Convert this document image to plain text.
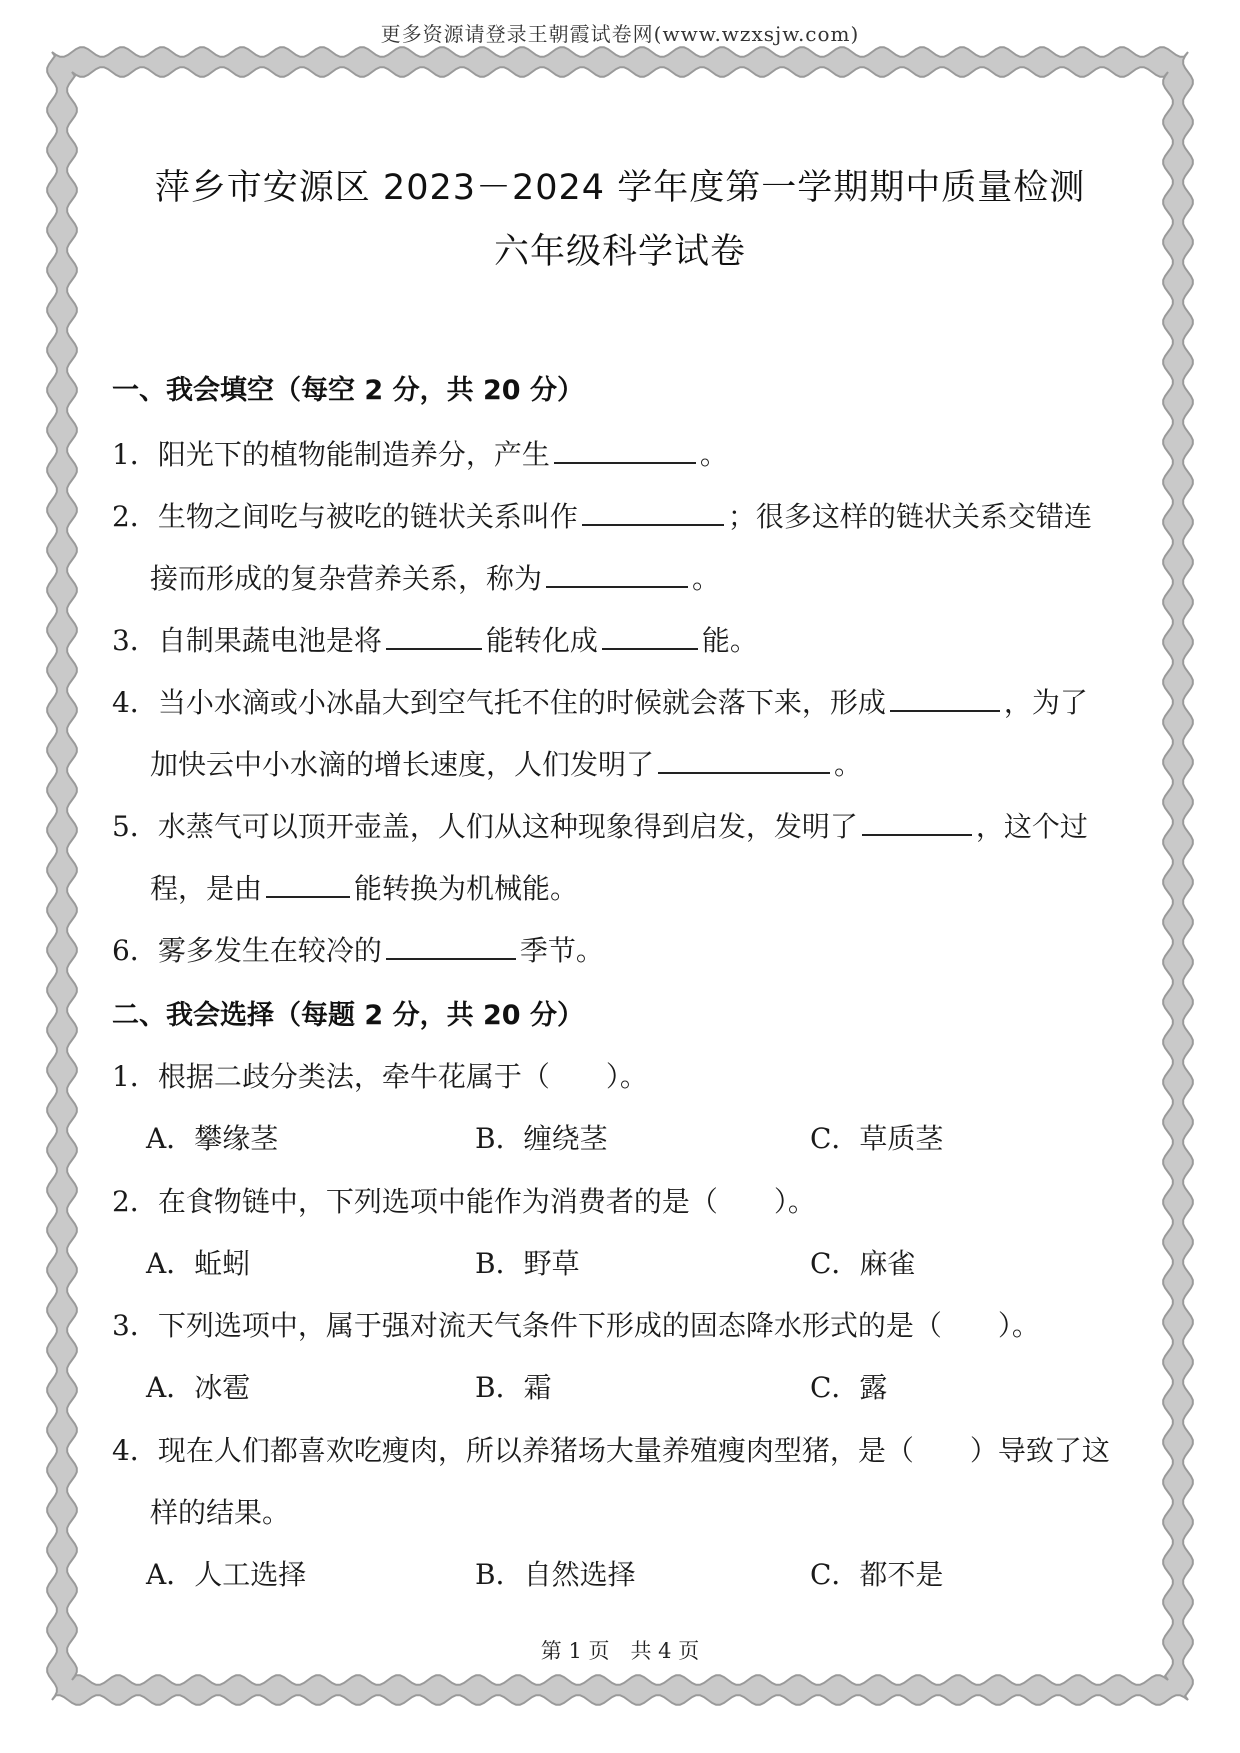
更多资源请登录王朝霞试卷网(www.wzxsjw.com)
萍乡市安源区 2023－2024 学年度第一学期期中质量检测
六年级科学试卷
一、我会填空（每空 2 分，共 20 分）
1．阳光下的植物能制造养分，产生	。
2．生物之间吃与被吃的链状关系叫作	；很多这样的链状关系交错连
接而形成的复杂营养关系，称为	。
3．自制果蔬电池是将	能转化成	能。
4．当小水滴或小冰晶大到空气托不住的时候就会落下来，形成	，为了
加快云中小水滴的增长速度，人们发明了	。
5．水蒸气可以顶开壶盖，人们从这种现象得到启发，发明了	，这个过
程，是由	能转换为机械能。
6．雾多发生在较冷的	季节。
二、我会选择（每题 2 分，共 20 分）
1．根据二歧分类法，牵牛花属于（　　）。
A．攀缘茎	B．缠绕茎	C．草质茎
2．在食物链中，下列选项中能作为消费者的是（　　）。
A．蚯蚓	B．野草	C．麻雀
3．下列选项中，属于强对流天气条件下形成的固态降水形式的是（　　）。
A．冰雹	B．霜	C．露
4．现在人们都喜欢吃瘦肉，所以养猪场大量养殖瘦肉型猪，是（　　）导致了这
样的结果。
A．人工选择	B．自然选择	C．都不是
第 1 页　共 4 页
